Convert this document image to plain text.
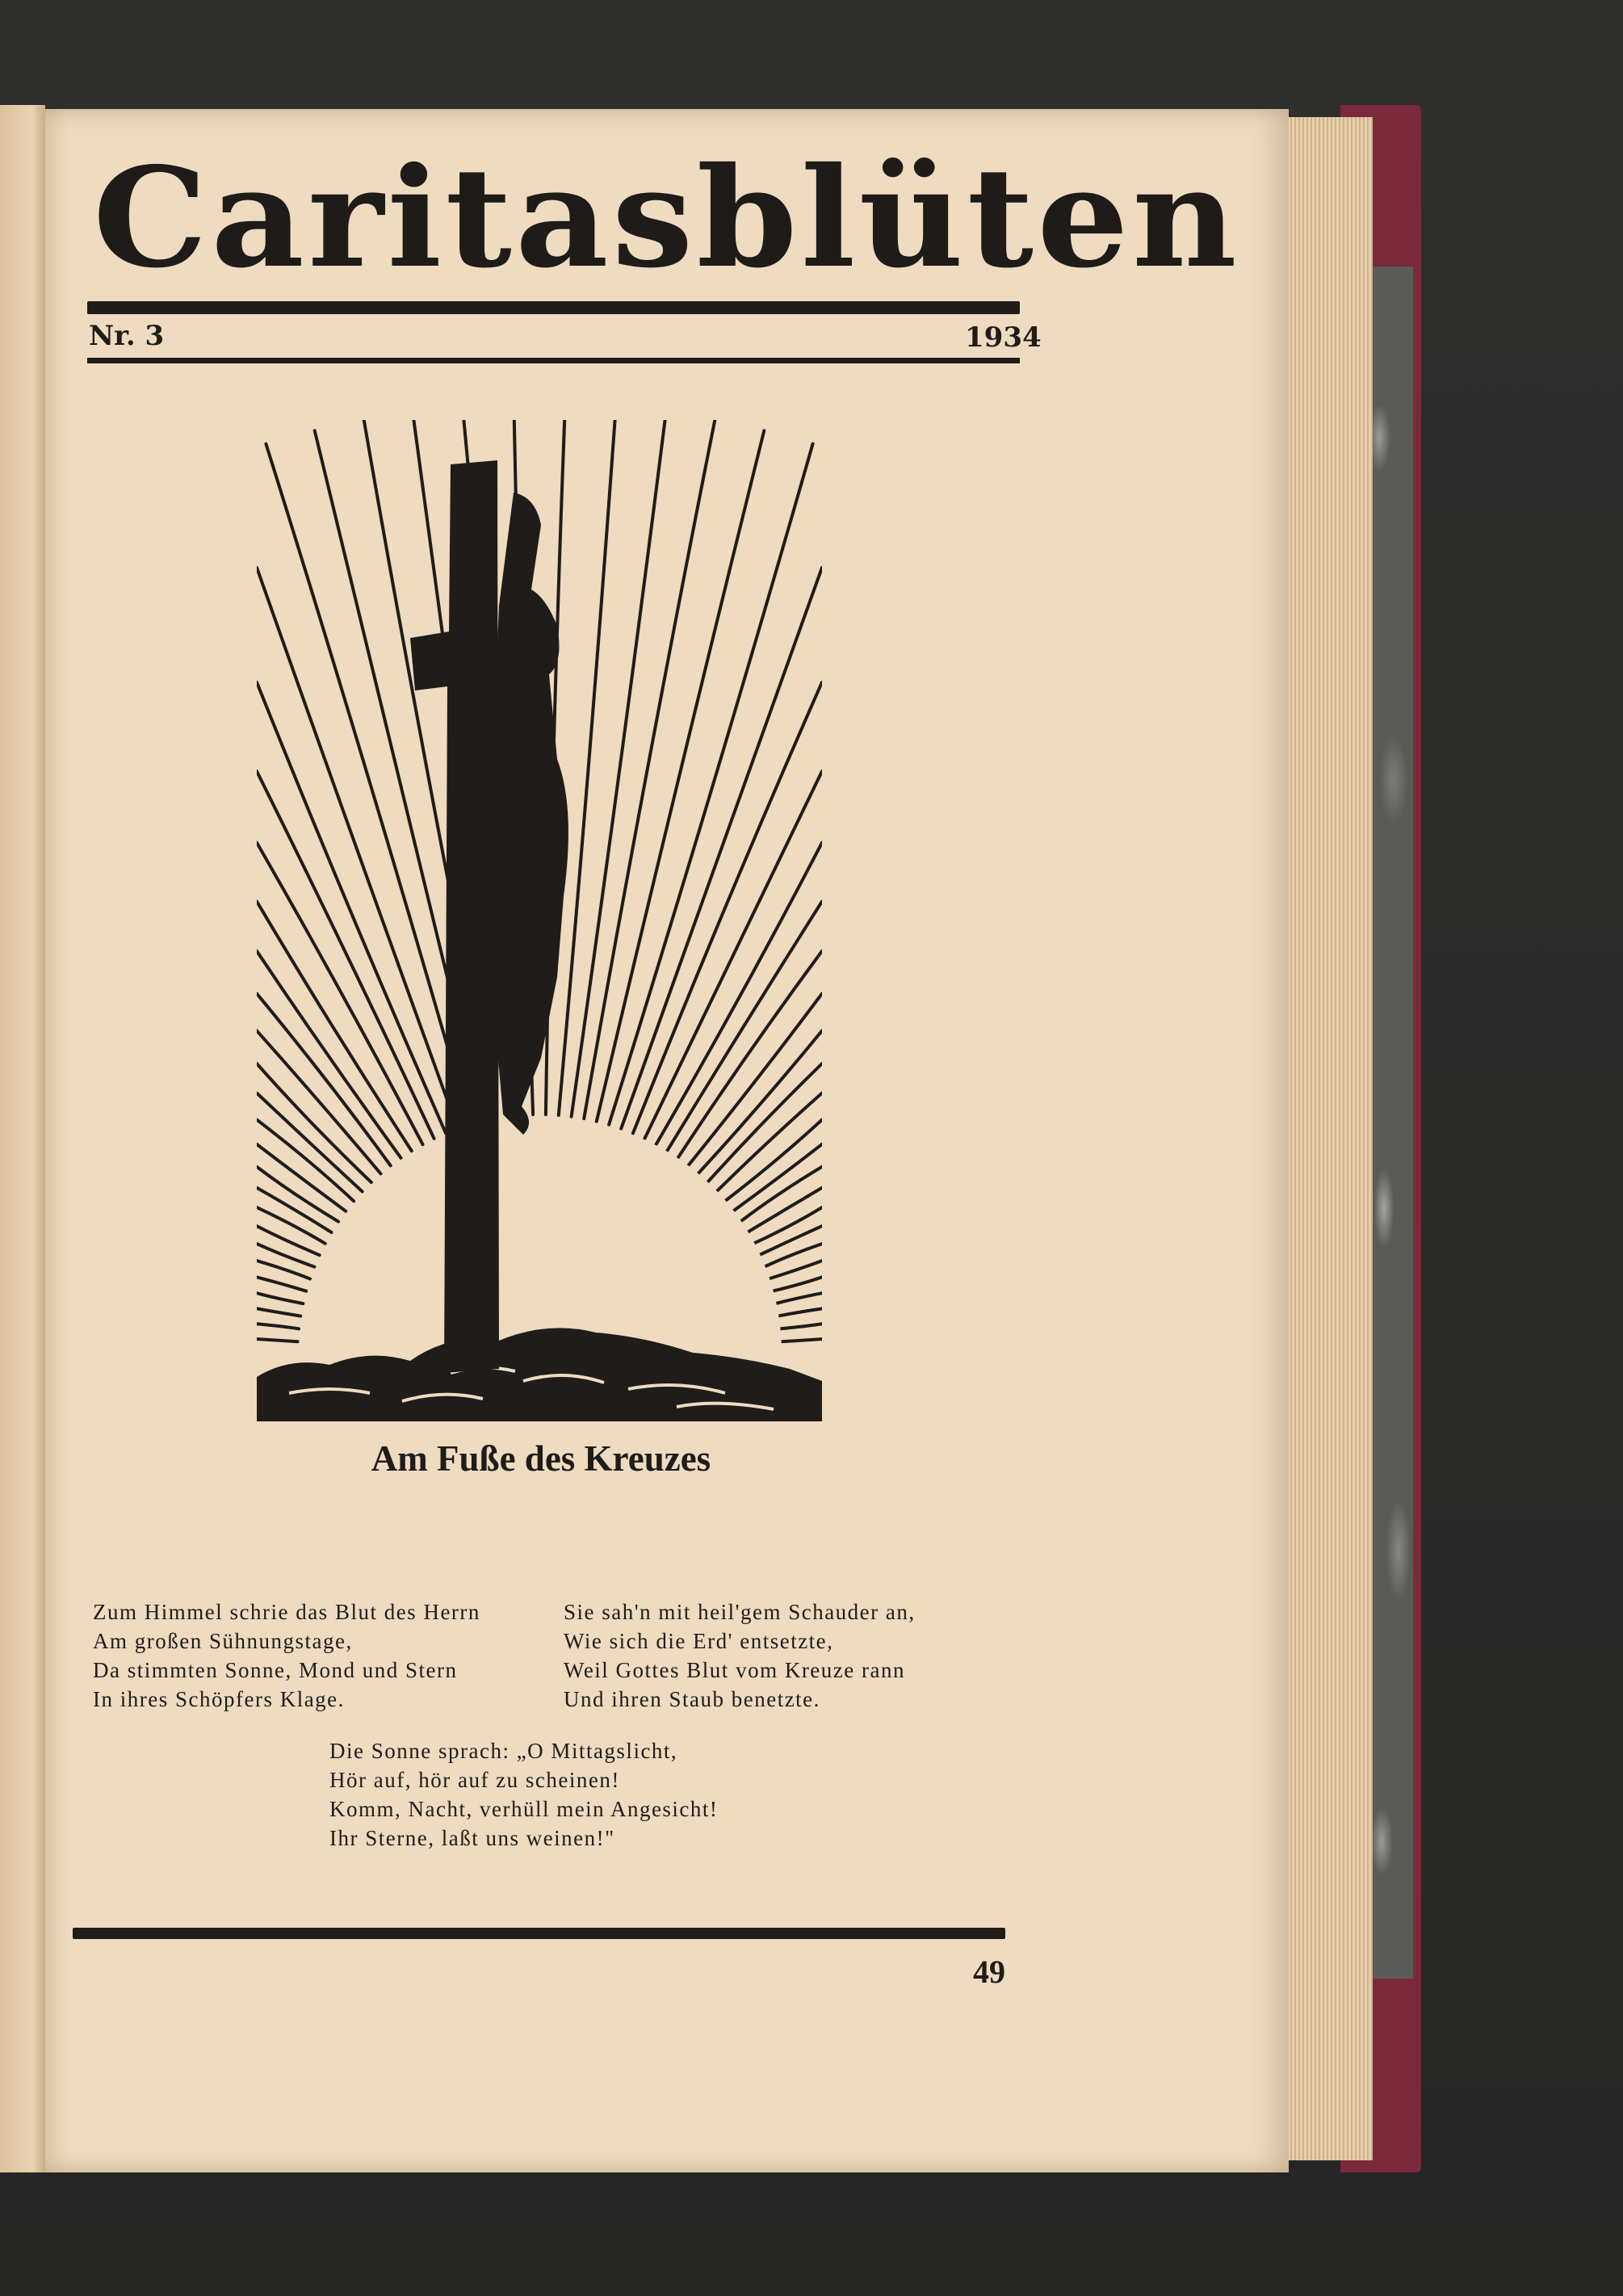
Caritasblüten
Nr. 3	1934
Am Fuße des Kreuzes
Zum Himmel schrie das Blut des Herrn
Am großen Sühnungstage,
Da stimmten Sonne, Mond und Stern
In ihres Schöpfers Klage.
Sie sah'n mit heil'gem Schauder an,
Wie sich die Erd' entsetzte,
Weil Gottes Blut vom Kreuze rann
Und ihren Staub benetzte.
Die Sonne sprach: „O Mittagslicht,
Hör auf, hör auf zu scheinen!
Komm, Nacht, verhüll mein Angesicht!
Ihr Sterne, laßt uns weinen!"
49
